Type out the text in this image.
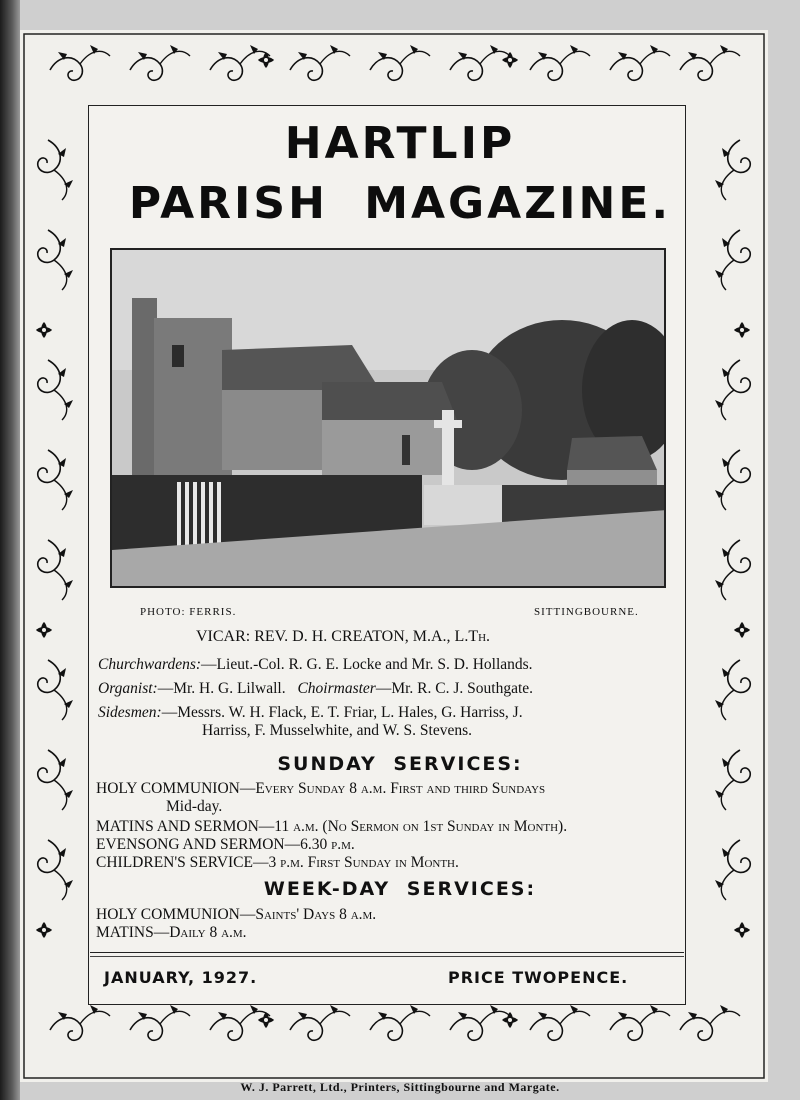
HARTLIP
PARISH MAGAZINE.
PHOTO: FERRIS.	SITTINGBOURNE.
VICAR: REV. D. H. CREATON, M.A., L.Th.
Churchwardens:—Lieut.-Col. R. G. E. Locke and Mr. S. D. Hollands.
Organist:—Mr. H. G. Lilwall. Choirmaster—Mr. R. C. J. Southgate.
Sidesmen:—Messrs. W. H. Flack, E. T. Friar, L. Hales, G. Harriss, J.
Harriss, F. Musselwhite, and W. S. Stevens.
SUNDAY SERVICES:
HOLY COMMUNION—Every Sunday 8 a.m. First and third Sundays
Mid-day.
MATINS AND SERMON—11 a.m. (No Sermon on 1st Sunday in Month).
EVENSONG AND SERMON—6.30 p.m.
CHILDREN'S SERVICE—3 p.m. First Sunday in Month.
WEEK-DAY SERVICES:
HOLY COMMUNION—Saints' Days 8 a.m.
MATINS—Daily 8 a.m.
JANUARY, 1927.	PRICE TWOPENCE.
W. J. Parrett, Ltd., Printers, Sittingbourne and Margate.
